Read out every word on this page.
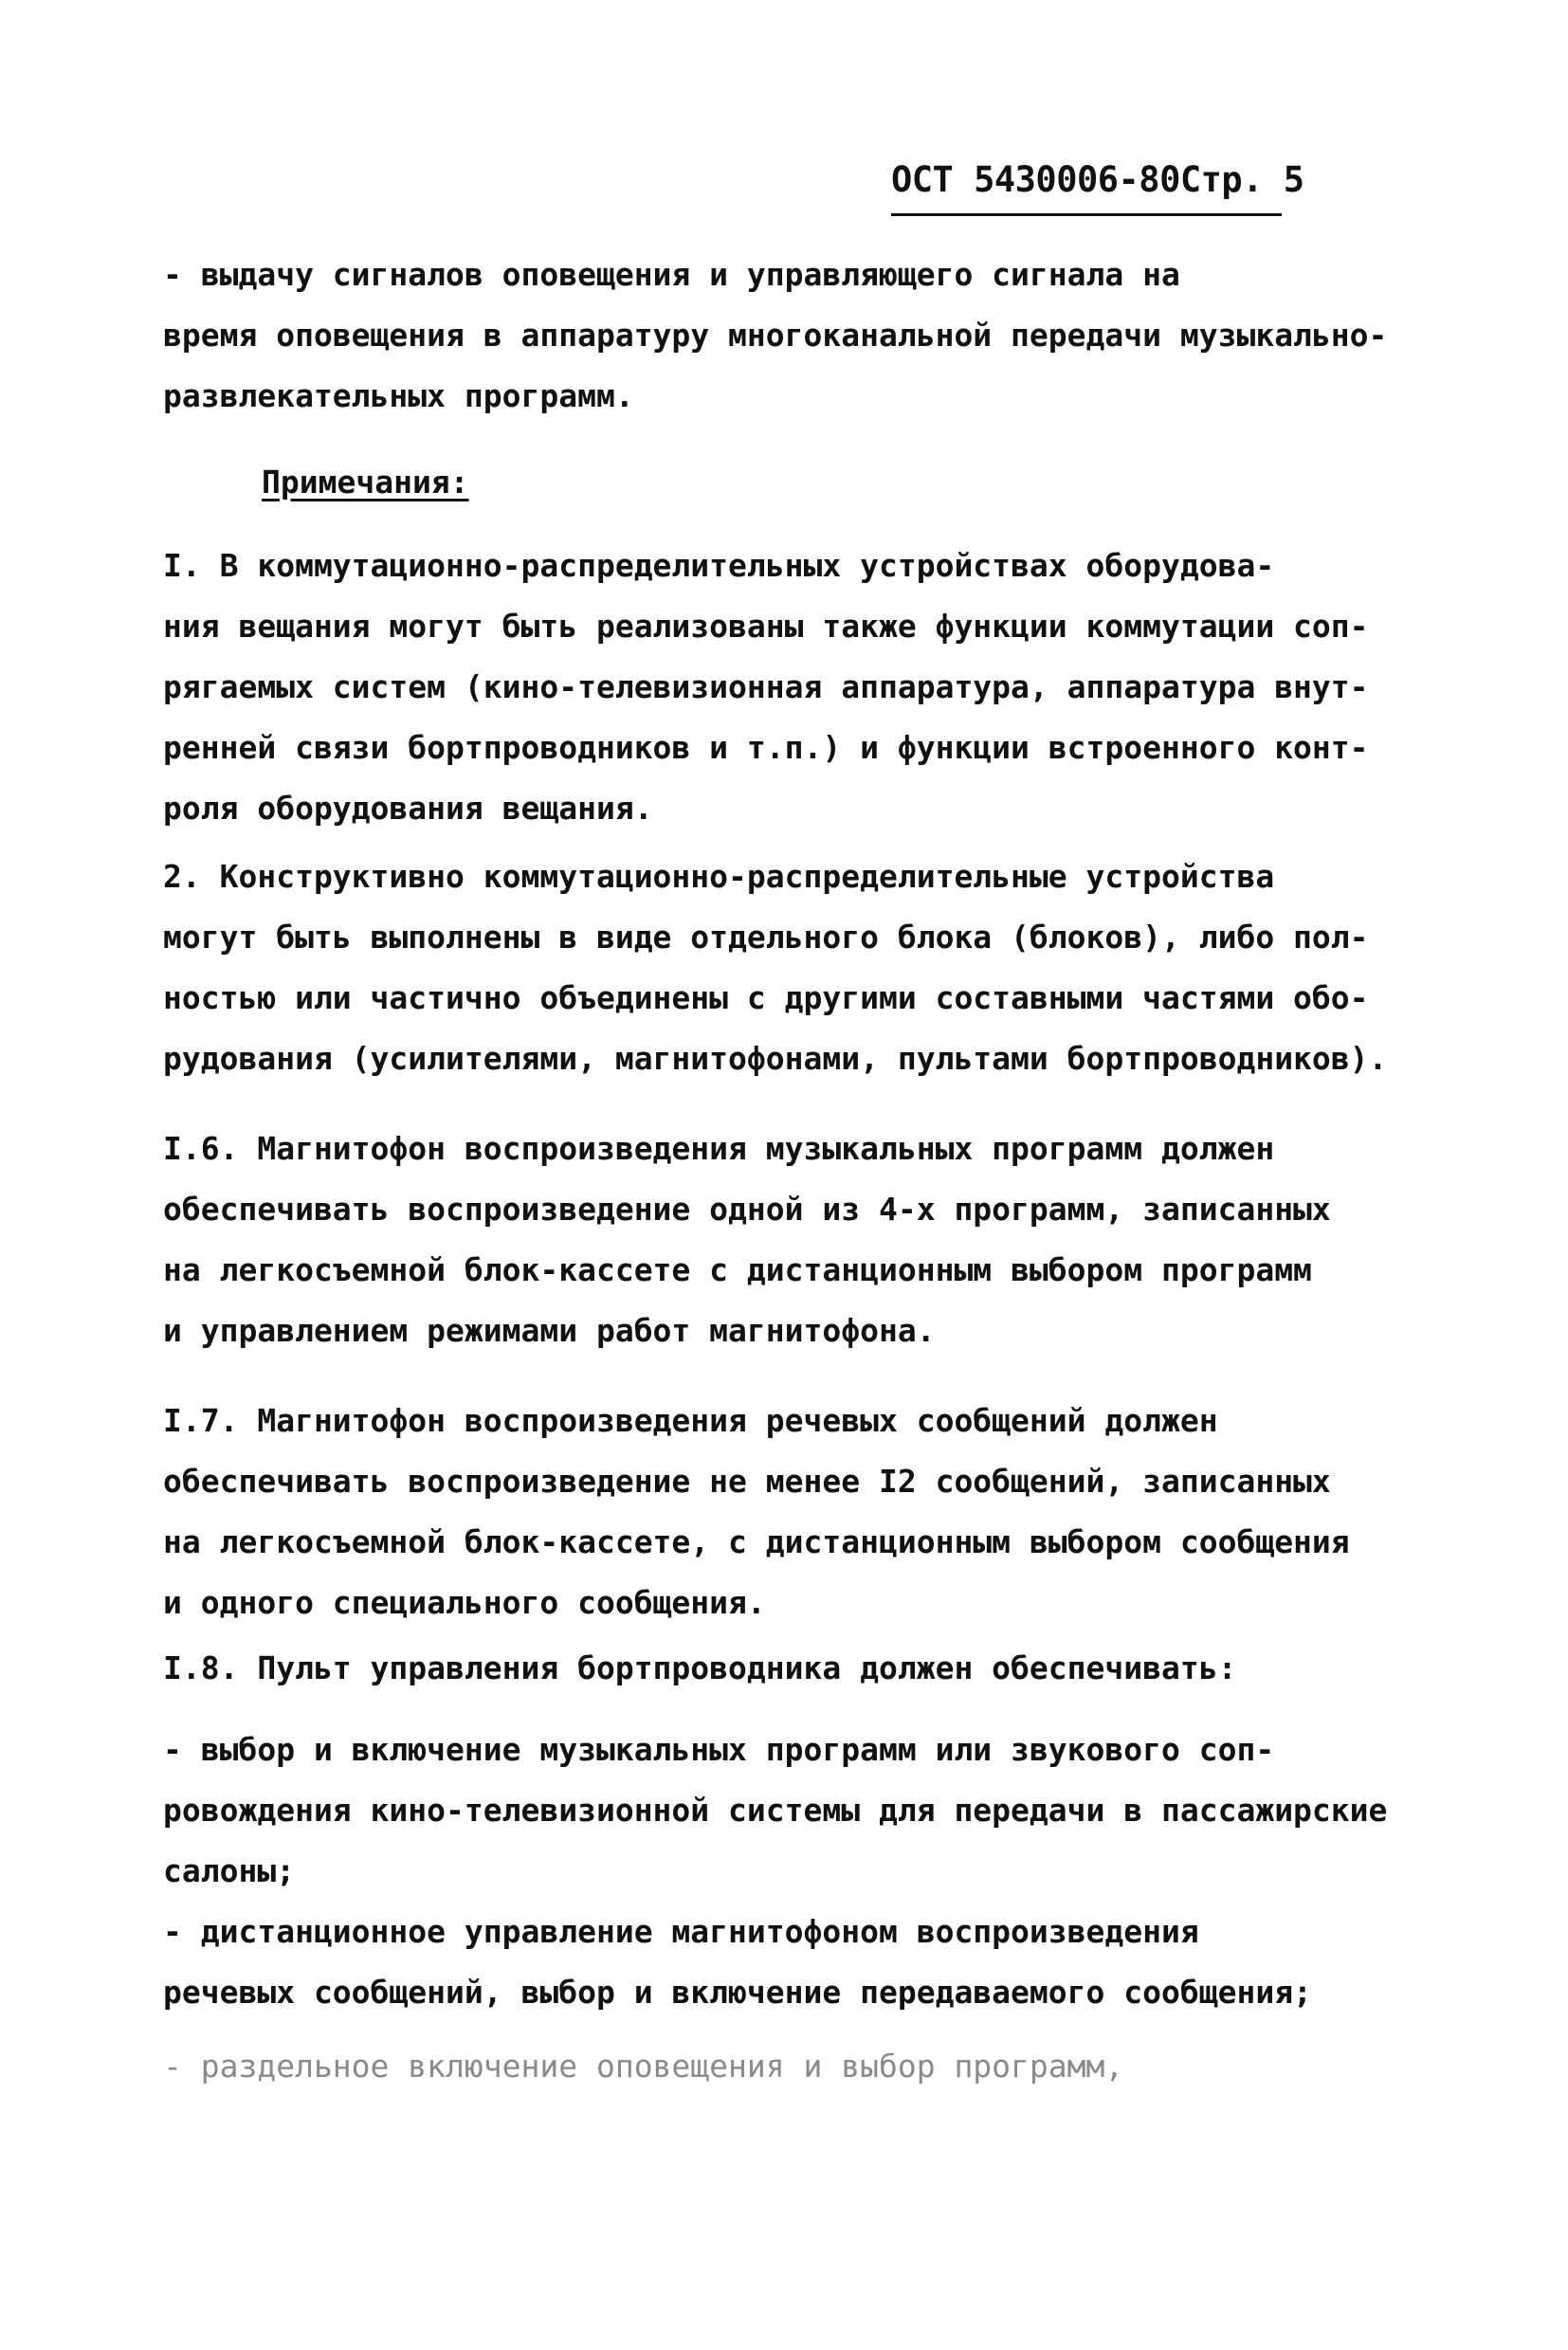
ОСТ 5430006-80Стр. 5
- выдачу сигналов оповещения и управляющего сигнала на
время оповещения в аппаратуру многоканальной передачи музыкально-
развлекательных программ.
Примечания:
I. В коммутационно-распределительных устройствах оборудова-
ния вещания могут быть реализованы также функции коммутации соп-
рягаемых систем (кино-телевизионная аппаратура, аппаратура внут-
ренней связи бортпроводников и т.п.) и функции встроенного конт-
роля оборудования вещания.
2. Конструктивно коммутационно-распределительные устройства
могут быть выполнены в виде отдельного блока (блоков), либо пол-
ностью или частично объединены с другими составными частями обо-
рудования (усилителями, магнитофонами, пультами бортпроводников).
I.6. Магнитофон воспроизведения музыкальных программ должен
обеспечивать воспроизведение одной из 4-х программ, записанных
на легкосъемной блок-кассете с дистанционным выбором программ
и управлением режимами работ магнитофона.
I.7. Магнитофон воспроизведения речевых сообщений должен
обеспечивать воспроизведение не менее I2 сообщений, записанных
на легкосъемной блок-кассете, с дистанционным выбором сообщения
и одного специального сообщения.
I.8. Пульт управления бортпроводника должен обеспечивать:
- выбор и включение музыкальных программ или звукового соп-
ровождения кино-телевизионной системы для передачи в пассажирские
салоны;
- дистанционное управление магнитофоном воспроизведения
речевых сообщений, выбор и включение передаваемого сообщения;
- раздельное включение оповещения и выбор программ,
